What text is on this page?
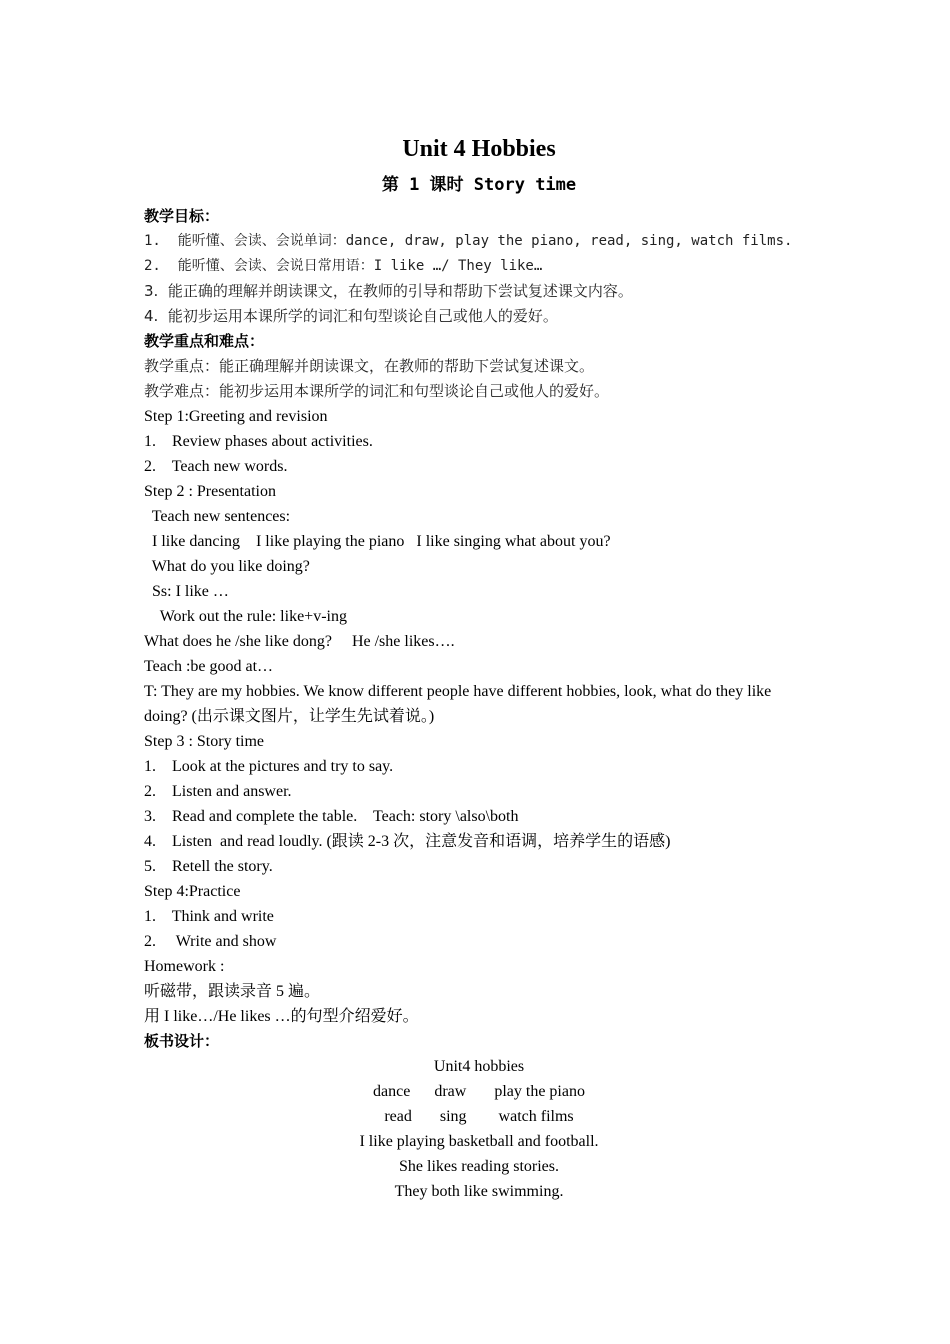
Unit 4 Hobbies
第 1 课时 Story time
教学目标：
1.  能听懂、会读、会说单词：dance, draw, play the piano, read, sing, watch films.
2.  能听懂、会读、会说日常用语：I like …/ They like…
3.  能正确的理解并朗读课文，在教师的引导和帮助下尝试复述课文内容。
4.  能初步运用本课所学的词汇和句型谈论自己或他人的爱好。
教学重点和难点：
教学重点：能正确理解并朗读课文，在教师的帮助下尝试复述课文。
教学难点：能初步运用本课所学的词汇和句型谈论自己或他人的爱好。
Step 1:Greeting and revision
1.    Review phases about activities.
2.    Teach new words.
Step 2 : Presentation
Teach new sentences:
I like dancing    I like playing the piano   I like singing what about you?
What do you like doing?
Ss: I like …
Work out the rule: like+v-ing
What does he /she like dong?     He /she likes….
Teach :be good at…
T: They are my hobbies. We know different people have different hobbies, look, what do they like doing? (出示课文图片，让学生先试着说。)
Step 3 : Story time
1.    Look at the pictures and try to say.
2.    Listen and answer.
3.    Read and complete the table.    Teach: story \also\both
4.    Listen  and read loudly. (跟读 2-3 次，注意发音和语调，培养学生的语感)
5.    Retell the story.
Step 4:Practice
1.    Think and write
2.     Write and show
Homework :
听磁带，跟读录音 5 遍。
用 I like…/He likes …的句型介绍爱好。
板书设计：
Unit4 hobbies
dance      draw       play the piano
read       sing        watch films
I like playing basketball and football.
She likes reading stories.
They both like swimming.
